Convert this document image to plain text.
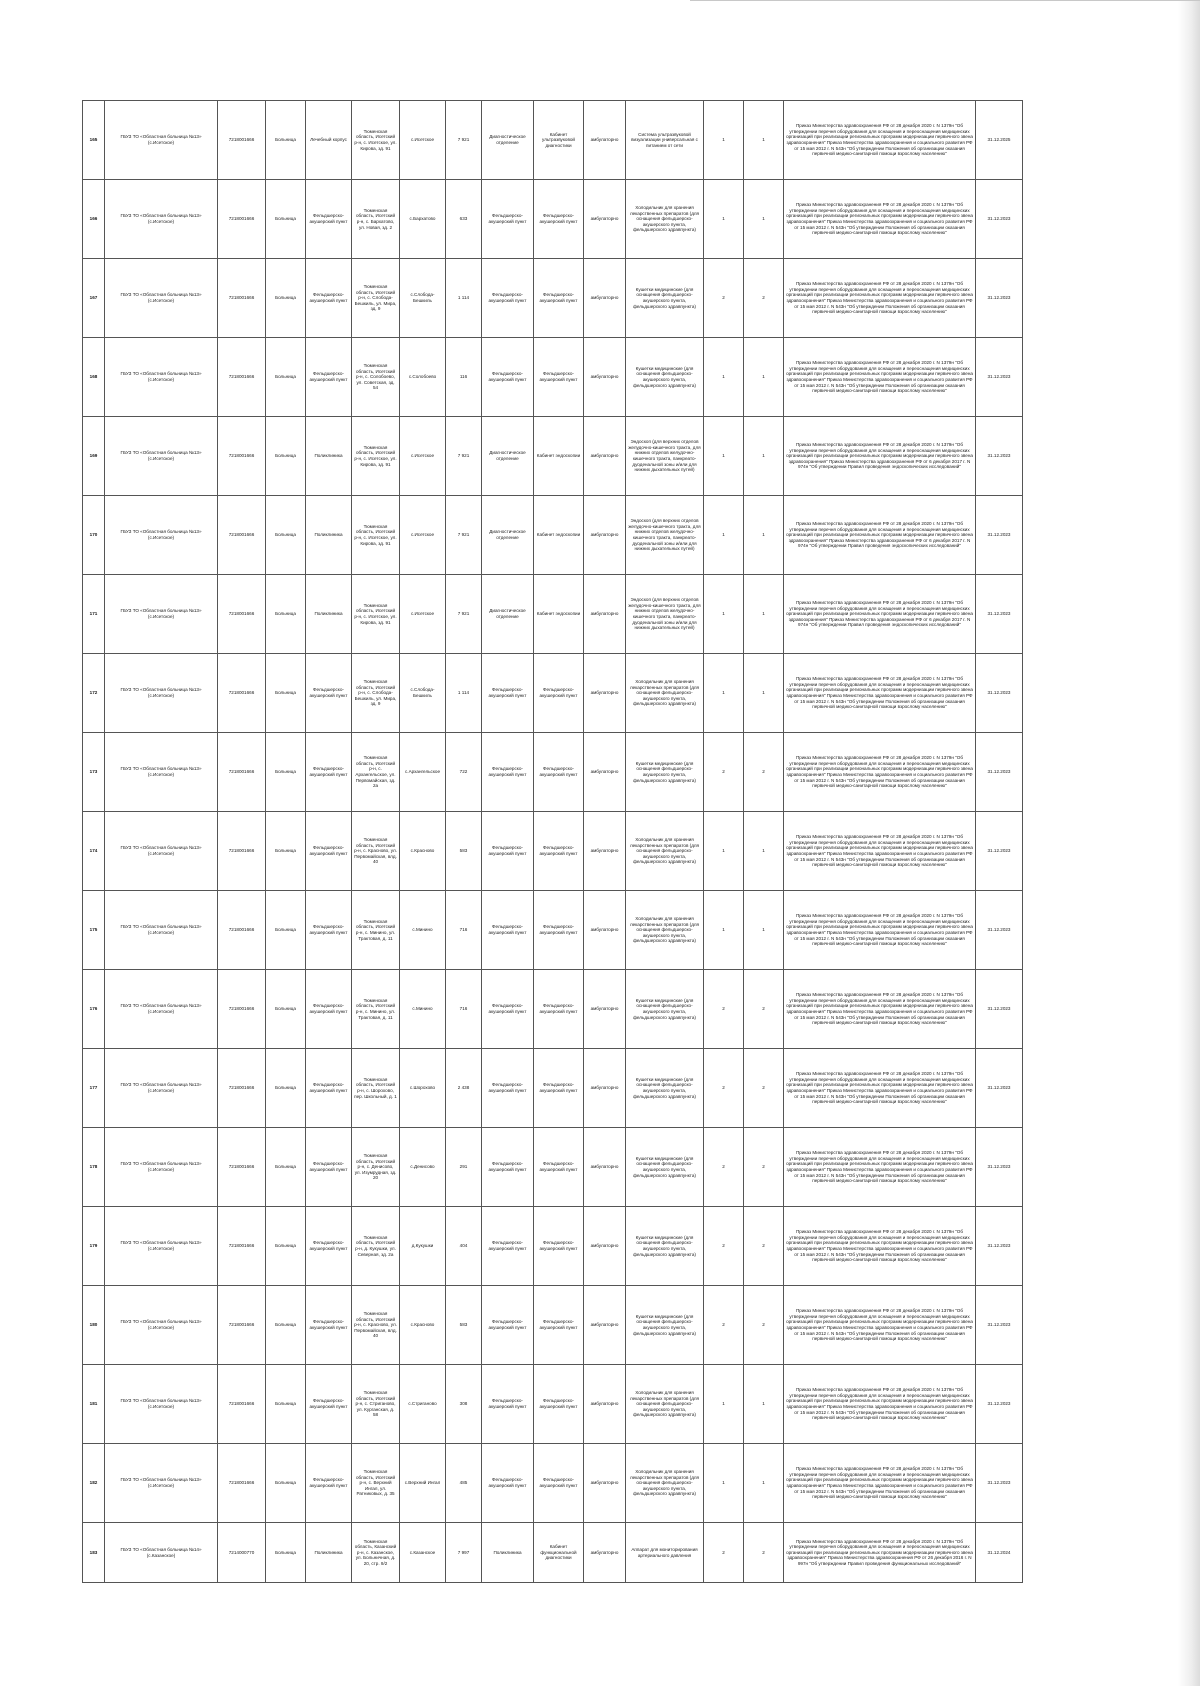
165	ГБУЗ ТО «Областная больница №13» (с.Исетское)	7218001666	Больница	Лечебный корпус	Тюменская область, Исетский р-н, с. Исетское, ул. Кирова, зд. 91	с.Исетское	7 921	Диагностическое отделение	Кабинет ультразвуковой диагностики	амбулаторно	Система ультразвуковой визуализации универсальная с питанием от сети	1	1	Приказ Министерства здравоохранения РФ от 28 декабря 2020 г. N 1379н "Об утверждении перечня оборудования для оснащения и переоснащения медицинских организаций при реализации региональных программ модернизации первичного звена здравоохранения" Приказ Министерства здравоохранения и социального развития РФ от 15 мая 2012 г. N 543н "Об утверждении Положения об организации оказания первичной медико-санитарной помощи взрослому населению"	31.12.2025
166	ГБУЗ ТО «Областная больница №13» (с.Исетское)	7218001666	Больница	Фельдшерско-акушерский пункт	Тюменская область, Исетский р-н, с. Бархатово, ул. Новая, зд. 2	с.Бархатово	633	Фельдшерско-акушерский пункт	Фельдшерско-акушерский пункт	амбулаторно	Холодильник для хранения лекарственных препаратов (для оснащения фельдшерско-акушерского пункта, фельдшерского здравпункта)	1	1	Приказ Министерства здравоохранения РФ от 28 декабря 2020 г. N 1379н "Об утверждении перечня оборудования для оснащения и переоснащения медицинских организаций при реализации региональных программ модернизации первичного звена здравоохранения" Приказ Министерства здравоохранения и социального развития РФ от 15 мая 2012 г. N 543н "Об утверждении Положения об организации оказания первичной медико-санитарной помощи взрослому населению"	31.12.2023
167	ГБУЗ ТО «Областная больница №13» (с.Исетское)	7218001666	Больница	Фельдшерско-акушерский пункт	Тюменская область, Исетский р-н, с. Слобода-Бешкиль, ул. Мира, зд. 9	с.Слобода-Бешкиль	1 114	Фельдшерско-акушерский пункт	Фельдшерско-акушерский пункт	амбулаторно	Кушетки медицинские (для оснащения фельдшерско-акушерского пункта, фельдшерского здравпункта)	2	2	Приказ Министерства здравоохранения РФ от 28 декабря 2020 г. N 1379н "Об утверждении перечня оборудования для оснащения и переоснащения медицинских организаций при реализации региональных программ модернизации первичного звена здравоохранения" Приказ Министерства здравоохранения и социального развития РФ от 15 мая 2012 г. N 543н "Об утверждении Положения об организации оказания первичной медико-санитарной помощи взрослому населению"	31.12.2023
168	ГБУЗ ТО «Областная больница №13» (с.Исетское)	7218001666	Больница	Фельдшерско-акушерский пункт	Тюменская область, Исетский р-н, с. Солобоево, ул. Советская, зд. 54	с.Солобоево	116	Фельдшерско-акушерский пункт	Фельдшерско-акушерский пункт	амбулаторно	Кушетки медицинские (для оснащения фельдшерско-акушерского пункта, фельдшерского здравпункта)	1	1	Приказ Министерства здравоохранения РФ от 28 декабря 2020 г. N 1379н "Об утверждении перечня оборудования для оснащения и переоснащения медицинских организаций при реализации региональных программ модернизации первичного звена здравоохранения" Приказ Министерства здравоохранения и социального развития РФ от 15 мая 2012 г. N 543н "Об утверждении Положения об организации оказания первичной медико-санитарной помощи взрослому населению"	31.12.2023
169	ГБУЗ ТО «Областная больница №13» (с.Исетское)	7218001666	Больница	Поликлиника	Тюменская область, Исетский р-н, с. Исетское, ул. Кирова, зд. 91	с.Исетское	7 921	Диагностическое отделение	Кабинет эндоскопии	амбулаторно	Эндоскоп (для верхних отделов желудочно-кишечного тракта, для нижних отделов желудочно-кишечного тракта, панкреато-дуоденальной зоны и/или для нижних дыхательных путей)	1	1	Приказ Министерства здравоохранения РФ от 28 декабря 2020 г. N 1379н "Об утверждении перечня оборудования для оснащения и переоснащения медицинских организаций при реализации региональных программ модернизации первичного звена здравоохранения" Приказ Министерства здравоохранения РФ от 6 декабря 2017 г. N 974н "Об утверждении Правил проведения эндоскопических исследований"	31.12.2023
170	ГБУЗ ТО «Областная больница №13» (с.Исетское)	7218001666	Больница	Поликлиника	Тюменская область, Исетский р-н, с. Исетское, ул. Кирова, зд. 91	с.Исетское	7 921	Диагностическое отделение	Кабинет эндоскопии	амбулаторно	Эндоскоп (для верхних отделов желудочно-кишечного тракта, для нижних отделов желудочно-кишечного тракта, панкреато-дуоденальной зоны и/или для нижних дыхательных путей)	1	1	Приказ Министерства здравоохранения РФ от 28 декабря 2020 г. N 1379н "Об утверждении перечня оборудования для оснащения и переоснащения медицинских организаций при реализации региональных программ модернизации первичного звена здравоохранения" Приказ Министерства здравоохранения РФ от 6 декабря 2017 г. N 974н "Об утверждении Правил проведения эндоскопических исследований"	31.12.2023
171	ГБУЗ ТО «Областная больница №13» (с.Исетское)	7218001666	Больница	Поликлиника	Тюменская область, Исетский р-н, с. Исетское, ул. Кирова, зд. 91	с.Исетское	7 921	Диагностическое отделение	Кабинет эндоскопии	амбулаторно	Эндоскоп (для верхних отделов желудочно-кишечного тракта, для нижних отделов желудочно-кишечного тракта, панкреато-дуоденальной зоны и/или для нижних дыхательных путей)	1	1	Приказ Министерства здравоохранения РФ от 28 декабря 2020 г. N 1379н "Об утверждении перечня оборудования для оснащения и переоснащения медицинских организаций при реализации региональных программ модернизации первичного звена здравоохранения" Приказ Министерства здравоохранения РФ от 6 декабря 2017 г. N 974н "Об утверждении Правил проведения эндоскопических исследований"	31.12.2023
172	ГБУЗ ТО «Областная больница №13» (с.Исетское)	7218001666	Больница	Фельдшерско-акушерский пункт	Тюменская область, Исетский р-н, с. Слобода-Бешкиль, ул. Мира, зд. 9	с.Слобода-Бешкиль	1 114	Фельдшерско-акушерский пункт	Фельдшерско-акушерский пункт	амбулаторно	Холодильник для хранения лекарственных препаратов (для оснащения фельдшерско-акушерского пункта, фельдшерского здравпункта)	1	1	Приказ Министерства здравоохранения РФ от 28 декабря 2020 г. N 1379н "Об утверждении перечня оборудования для оснащения и переоснащения медицинских организаций при реализации региональных программ модернизации первичного звена здравоохранения" Приказ Министерства здравоохранения и социального развития РФ от 15 мая 2012 г. N 543н "Об утверждении Положения об организации оказания первичной медико-санитарной помощи взрослому населению"	31.12.2023
173	ГБУЗ ТО «Областная больница №13» (с.Исетское)	7218001666	Больница	Фельдшерско-акушерский пункт	Тюменская область, Исетский р-н, с. Архангельское, ул. Первомайская, зд. 2а	с.Архангельское	722	Фельдшерско-акушерский пункт	Фельдшерско-акушерский пункт	амбулаторно	Кушетки медицинские (для оснащения фельдшерско-акушерского пункта, фельдшерского здравпункта)	2	2	Приказ Министерства здравоохранения РФ от 28 декабря 2020 г. N 1379н "Об утверждении перечня оборудования для оснащения и переоснащения медицинских организаций при реализации региональных программ модернизации первичного звена здравоохранения" Приказ Министерства здравоохранения и социального развития РФ от 15 мая 2012 г. N 543н "Об утверждении Положения об организации оказания первичной медико-санитарной помощи взрослому населению"	31.12.2023
174	ГБУЗ ТО «Областная больница №13» (с.Исетское)	7218001666	Больница	Фельдшерско-акушерский пункт	Тюменская область, Исетский р-н, с. Красново, ул. Первомайская, влд. 40	с.Красново	583	Фельдшерско-акушерский пункт	Фельдшерско-акушерский пункт	амбулаторно	Холодильник для хранения лекарственных препаратов (для оснащения фельдшерско-акушерского пункта, фельдшерского здравпункта)	1	1	Приказ Министерства здравоохранения РФ от 28 декабря 2020 г. N 1379н "Об утверждении перечня оборудования для оснащения и переоснащения медицинских организаций при реализации региональных программ модернизации первичного звена здравоохранения" Приказ Министерства здравоохранения и социального развития РФ от 15 мая 2012 г. N 543н "Об утверждении Положения об организации оказания первичной медико-санитарной помощи взрослому населению"	31.12.2023
175	ГБУЗ ТО «Областная больница №13» (с.Исетское)	7218001666	Больница	Фельдшерско-акушерский пункт	Тюменская область, Исетский р-н, с. Минино, ул. Трактовая, д. 11	с.Минино	716	Фельдшерско-акушерский пункт	Фельдшерско-акушерский пункт	амбулаторно	Холодильник для хранения лекарственных препаратов (для оснащения фельдшерско-акушерского пункта, фельдшерского здравпункта)	1	1	Приказ Министерства здравоохранения РФ от 28 декабря 2020 г. N 1379н "Об утверждении перечня оборудования для оснащения и переоснащения медицинских организаций при реализации региональных программ модернизации первичного звена здравоохранения" Приказ Министерства здравоохранения и социального развития РФ от 15 мая 2012 г. N 543н "Об утверждении Положения об организации оказания первичной медико-санитарной помощи взрослому населению"	31.12.2023
176	ГБУЗ ТО «Областная больница №13» (с.Исетское)	7218001666	Больница	Фельдшерско-акушерский пункт	Тюменская область, Исетский р-н, с. Минино, ул. Трактовая, д. 11	с.Минино	716	Фельдшерско-акушерский пункт	Фельдшерско-акушерский пункт	амбулаторно	Кушетки медицинские (для оснащения фельдшерско-акушерского пункта, фельдшерского здравпункта)	2	2	Приказ Министерства здравоохранения РФ от 28 декабря 2020 г. N 1379н "Об утверждении перечня оборудования для оснащения и переоснащения медицинских организаций при реализации региональных программ модернизации первичного звена здравоохранения" Приказ Министерства здравоохранения и социального развития РФ от 15 мая 2012 г. N 543н "Об утверждении Положения об организации оказания первичной медико-санитарной помощи взрослому населению"	31.12.2023
177	ГБУЗ ТО «Областная больница №13» (с.Исетское)	7218001666	Больница	Фельдшерско-акушерский пункт	Тюменская область, Исетский р-н, с. Шорохово, пер. Школьный, д. 1	с.Шорохово	2 438	Фельдшерско-акушерский пункт	Фельдшерско-акушерский пункт	амбулаторно	Кушетки медицинские (для оснащения фельдшерско-акушерского пункта, фельдшерского здравпункта)	2	2	Приказ Министерства здравоохранения РФ от 28 декабря 2020 г. N 1379н "Об утверждении перечня оборудования для оснащения и переоснащения медицинских организаций при реализации региональных программ модернизации первичного звена здравоохранения" Приказ Министерства здравоохранения и социального развития РФ от 15 мая 2012 г. N 543н "Об утверждении Положения об организации оказания первичной медико-санитарной помощи взрослому населению"	31.12.2023
178	ГБУЗ ТО «Областная больница №13» (с.Исетское)	7218001666	Больница	Фельдшерско-акушерский пункт	Тюменская область, Исетский р-н, с. Денисово, ул. Изумрудная, зд. 20	с.Денисово	291	Фельдшерско-акушерский пункт	Фельдшерско-акушерский пункт	амбулаторно	Кушетки медицинские (для оснащения фельдшерско-акушерского пункта, фельдшерского здравпункта)	2	2	Приказ Министерства здравоохранения РФ от 28 декабря 2020 г. N 1379н "Об утверждении перечня оборудования для оснащения и переоснащения медицинских организаций при реализации региональных программ модернизации первичного звена здравоохранения" Приказ Министерства здравоохранения и социального развития РФ от 15 мая 2012 г. N 543н "Об утверждении Положения об организации оказания первичной медико-санитарной помощи взрослому населению"	31.12.2023
179	ГБУЗ ТО «Областная больница №13» (с.Исетское)	7218001666	Больница	Фельдшерско-акушерский пункт	Тюменская область, Исетский р-н, д. Кукушки, ул. Северная, зд. 2а	д.Кукушки	404	Фельдшерско-акушерский пункт	Фельдшерско-акушерский пункт	амбулаторно	Кушетки медицинские (для оснащения фельдшерско-акушерского пункта, фельдшерского здравпункта)	2	2	Приказ Министерства здравоохранения РФ от 28 декабря 2020 г. N 1379н "Об утверждении перечня оборудования для оснащения и переоснащения медицинских организаций при реализации региональных программ модернизации первичного звена здравоохранения" Приказ Министерства здравоохранения и социального развития РФ от 15 мая 2012 г. N 543н "Об утверждении Положения об организации оказания первичной медико-санитарной помощи взрослому населению"	31.12.2023
180	ГБУЗ ТО «Областная больница №13» (с.Исетское)	7218001666	Больница	Фельдшерско-акушерский пункт	Тюменская область, Исетский р-н, с. Красново, ул. Первомайская, влд. 40	с.Красново	583	Фельдшерско-акушерский пункт	Фельдшерско-акушерский пункт	амбулаторно	Кушетки медицинские (для оснащения фельдшерско-акушерского пункта, фельдшерского здравпункта)	2	2	Приказ Министерства здравоохранения РФ от 28 декабря 2020 г. N 1379н "Об утверждении перечня оборудования для оснащения и переоснащения медицинских организаций при реализации региональных программ модернизации первичного звена здравоохранения" Приказ Министерства здравоохранения и социального развития РФ от 15 мая 2012 г. N 543н "Об утверждении Положения об организации оказания первичной медико-санитарной помощи взрослому населению"	31.12.2023
181	ГБУЗ ТО «Областная больница №13» (с.Исетское)	7218001666	Больница	Фельдшерско-акушерский пункт	Тюменская область, Исетский р-н, с. Стриганово, ул. Курганская, д. 58	с.Стриганово	308	Фельдшерско-акушерский пункт	Фельдшерско-акушерский пункт	амбулаторно	Холодильник для хранения лекарственных препаратов (для оснащения фельдшерско-акушерского пункта, фельдшерского здравпункта)	1	1	Приказ Министерства здравоохранения РФ от 28 декабря 2020 г. N 1379н "Об утверждении перечня оборудования для оснащения и переоснащения медицинских организаций при реализации региональных программ модернизации первичного звена здравоохранения" Приказ Министерства здравоохранения и социального развития РФ от 15 мая 2012 г. N 543н "Об утверждении Положения об организации оказания первичной медико-санитарной помощи взрослому населению"	31.12.2023
182	ГБУЗ ТО «Областная больница №13» (с.Исетское)	7218001666	Больница	Фельдшерско-акушерский пункт	Тюменская область, Исетский р-н, с. Верхний Ингал, ул. Ратниковых, д. 35	с.Верхний Ингал	485	Фельдшерско-акушерский пункт	Фельдшерско-акушерский пункт	амбулаторно	Холодильник для хранения лекарственных препаратов (для оснащения фельдшерско-акушерского пункта, фельдшерского здравпункта)	1	1	Приказ Министерства здравоохранения РФ от 28 декабря 2020 г. N 1379н "Об утверждении перечня оборудования для оснащения и переоснащения медицинских организаций при реализации региональных программ модернизации первичного звена здравоохранения" Приказ Министерства здравоохранения и социального развития РФ от 15 мая 2012 г. N 543н "Об утверждении Положения об организации оказания первичной медико-санитарной помощи взрослому населению"	31.12.2023
183	ГБУЗ ТО «Областная больница №14» (с.Казанское)	7214000770	Больница	Поликлиника	Тюменская область, Казанский р-н, с. Казанское, ул. Больничная, д. 20, стр. 9/2	с.Казанское	7 997	Поликлиника	Кабинет функциональной диагностики	амбулаторно	Аппарат для мониторирования артериального давления	2	2	Приказ Министерства здравоохранения РФ от 28 декабря 2020 г. N 1379н "Об утверждении перечня оборудования для оснащения и переоснащения медицинских организаций при реализации региональных программ модернизации первичного звена здравоохранения" Приказ Министерства здравоохранения РФ от 26 декабря 2016 г. N 997н "Об утверждении Правил проведения функциональных исследований"	31.12.2024
